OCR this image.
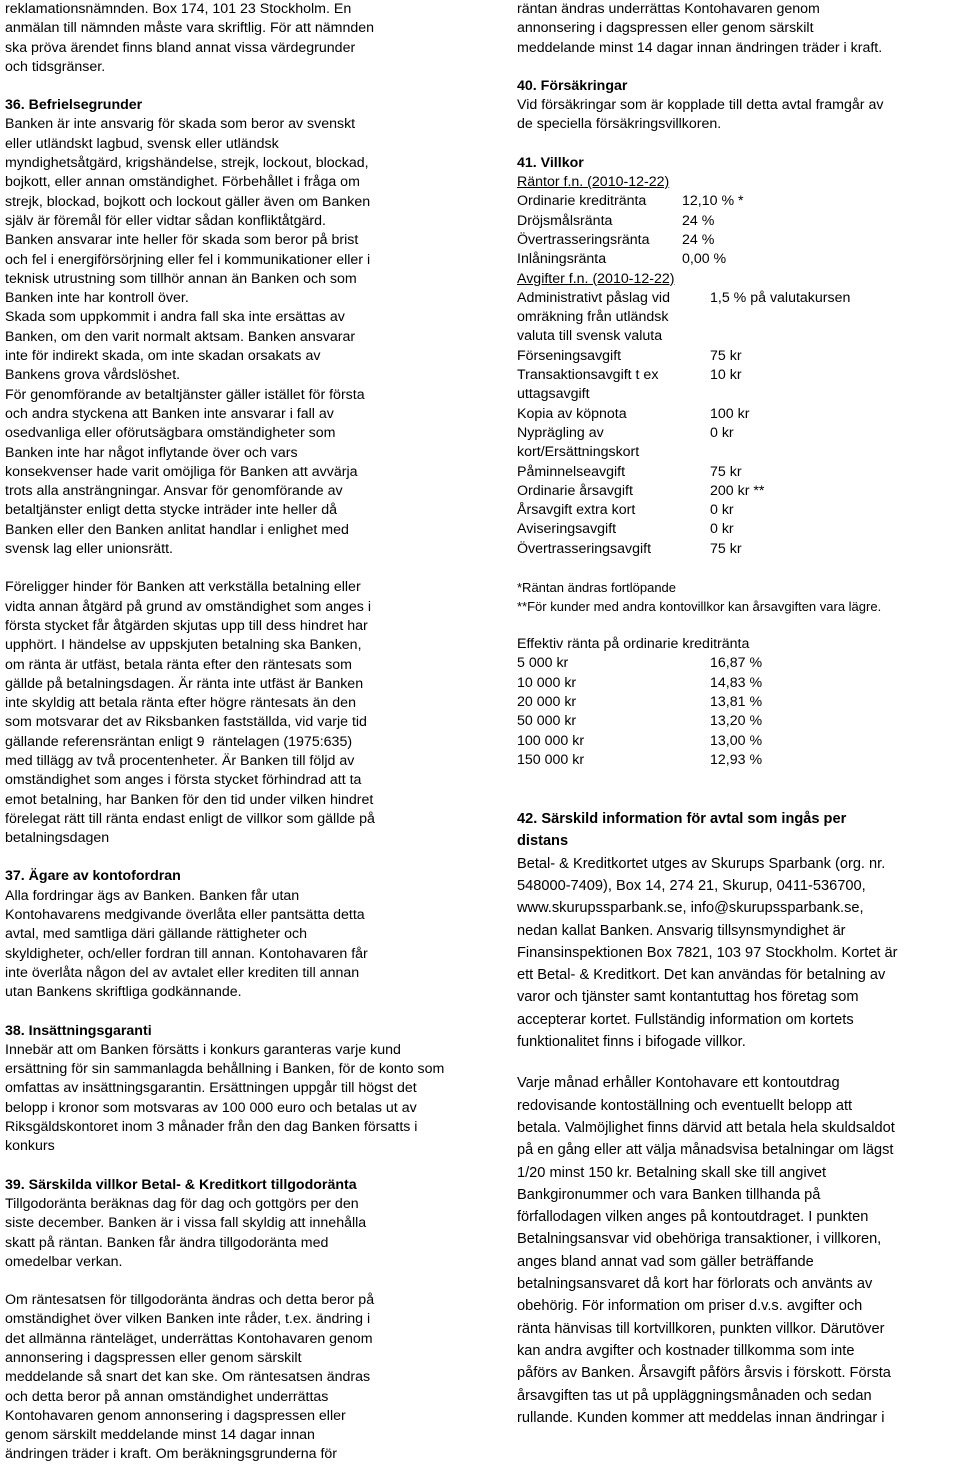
reklamationsnämnden. Box 174, 101 23 Stockholm. En

anmälan till nämnden måste vara skriftlig. För att nämnden

ska pröva ärendet finns bland annat vissa värdegrunder

och tidsgränser.

36. Befrielsegrunder

Banken är inte ansvarig för skada som beror av svenskt

eller utländskt lagbud, svensk eller utländsk

myndighetsåtgärd, krigshändelse, strejk, lockout, blockad,

bojkott, eller annan omständighet. Förbehållet i fråga om

strejk, blockad, bojkott och lockout gäller även om Banken

själv är föremål för eller vidtar sådan konfliktåtgärd.

Banken ansvarar inte heller för skada som beror på brist

och fel i energiförsörjning eller fel i kommunikationer eller i

teknisk utrustning som tillhör annan än Banken och som

Banken inte har kontroll över.

Skada som uppkommit i andra fall ska inte ersättas av

Banken, om den varit normalt aktsam. Banken ansvarar

inte för indirekt skada, om inte skadan orsakats av

Bankens grova vårdslöshet.

För genomförande av betaltjänster gäller istället för första

och andra styckena att Banken inte ansvarar i fall av

osedvanliga eller oförutsägbara omständigheter som

Banken inte har något inflytande över och vars

konsekvenser hade varit omöjliga för Banken att avvärja

trots alla ansträngningar. Ansvar för genomförande av

betaltjänster enligt detta stycke inträder inte heller då

Banken eller den Banken anlitat handlar i enlighet med

svensk lag eller unionsrätt.

Föreligger hinder för Banken att verkställa betalning eller

vidta annan åtgärd på grund av omständighet som anges i

första stycket får åtgärden skjutas upp till dess hindret har

upphört. I händelse av uppskjuten betalning ska Banken,

om ränta är utfäst, betala ränta efter den räntesats som

gällde på betalningsdagen. Är ränta inte utfäst är Banken

inte skyldig att betala ränta efter högre räntesats än den

som motsvarar det av Riksbanken fastställda, vid varje tid

gällande referensräntan enligt 9  räntelagen (1975:635)

med tillägg av två procentenheter. Är Banken till följd av

omständighet som anges i första stycket förhindrad att ta

emot betalning, har Banken för den tid under vilken hindret

förelegat rätt till ränta endast enligt de villkor som gällde på

betalningsdagen

37. Ägare av kontofordran

Alla fordringar ägs av Banken. Banken får utan

Kontohavarens medgivande överlåta eller pantsätta detta

avtal, med samtliga däri gällande rättigheter och

skyldigheter, och/eller fordran till annan. Kontohavaren får

inte överlåta någon del av avtalet eller krediten till annan

utan Bankens skriftliga godkännande.

38. Insättningsgaranti

Innebär att om Banken försätts i konkurs garanteras varje kund

ersättning för sin sammanlagda behållning i Banken, för de konto som

omfattas av insättningsgarantin. Ersättningen uppgår till högst det

belopp i kronor som motsvaras av 100 000 euro och betalas ut av

Riksgäldskontoret inom 3 månader från den dag Banken försatts i

konkurs

39. Särskilda villkor Betal- & Kreditkort tillgodoränta

Tillgodoränta beräknas dag för dag och gottgörs per den

siste december. Banken är i vissa fall skyldig att innehålla

skatt på räntan. Banken får ändra tillgodoränta med

omedelbar verkan.

Om räntesatsen för tillgodoränta ändras och detta beror på

omständighet över vilken Banken inte råder, t.ex. ändring i

det allmänna ränteläget, underrättas Kontohavaren genom

annonsering i dagspressen eller genom särskilt

meddelande så snart det kan ske. Om räntesatsen ändras

och detta beror på annan omständighet underrättas

Kontohavaren genom annonsering i dagspressen eller

genom särskilt meddelande minst 14 dagar innan

ändringen träder i kraft. Om beräkningsgrunderna för

räntan ändras underrättas Kontohavaren genom

annonsering i dagspressen eller genom särskilt

meddelande minst 14 dagar innan ändringen träder i kraft.

40. Försäkringar

Vid försäkringar som är kopplade till detta avtal framgår av

de speciella försäkringsvillkoren.

41. Villkor

Räntor f.n. (2010-12-22)

Ordinarie kreditränta	12,10 % *
Dröjsmålsränta	24 %
Övertrasseringsränta	24 %
Inlåningsränta	0,00 %

Avgifter f.n. (2010-12-22)

Administrativt påslag vid omräkning från utländsk valuta till svensk valuta	1,5 % på valutakursen
Förseningsavgift	75 kr
Transaktionsavgift t ex uttagsavgift	10 kr
Kopia av köpnota	100 kr
Nyprägling av kort/Ersättningskort	0 kr
Påminnelseavgift	75 kr
Ordinarie årsavgift	200 kr **
Årsavgift extra kort	0 kr
Aviseringsavgift	0 kr
Övertrasseringsavgift	75 kr

*Räntan ändras fortlöpande

**För kunder med andra kontovillkor kan årsavgiften vara lägre.

Effektiv ränta på ordinarie kreditränta

5 000 kr	16,87 %
10 000 kr	14,83 %
20 000 kr	13,81 %
50 000 kr	13,20 %
100 000 kr	13,00 %
150 000 kr	12,93 %

42. Särskild information för avtal som ingås per

distans

Betal- & Kreditkortet utges av Skurups Sparbank (org. nr.

548000-7409), Box 14, 274 21, Skurup, 0411-536700,

www.skurupssparbank.se, info@skurupssparbank.se,

nedan kallat Banken. Ansvarig tillsynsmyndighet är

Finansinspektionen Box 7821, 103 97 Stockholm. Kortet är

ett Betal- & Kreditkort. Det kan användas för betalning av

varor och tjänster samt kontantuttag hos företag som

accepterar kortet. Fullständig information om kortets

funktionalitet finns i bifogade villkor.

Varje månad erhåller Kontohavare ett kontoutdrag

redovisande kontoställning och eventuellt belopp att

betala. Valmöjlighet finns därvid att betala hela skuldsaldot

på en gång eller att välja månadsvisa betalningar om lägst

1/20 minst 150 kr. Betalning skall ske till angivet

Bankgironummer och vara Banken tillhanda på

förfallodagen vilken anges på kontoutdraget. I punkten

Betalningsansvar vid obehöriga transaktioner, i villkoren,

anges bland annat vad som gäller beträffande

betalningsansvaret då kort har förlorats och använts av

obehörig. För information om priser d.v.s. avgifter och

ränta hänvisas till kortvillkoren, punkten villkor. Därutöver

kan andra avgifter och kostnader tillkomma som inte

påförs av Banken. Årsavgift påförs årsvis i förskott. Första

årsavgiften tas ut på uppläggningsmånaden och sedan

rullande. Kunden kommer att meddelas innan ändringar i
